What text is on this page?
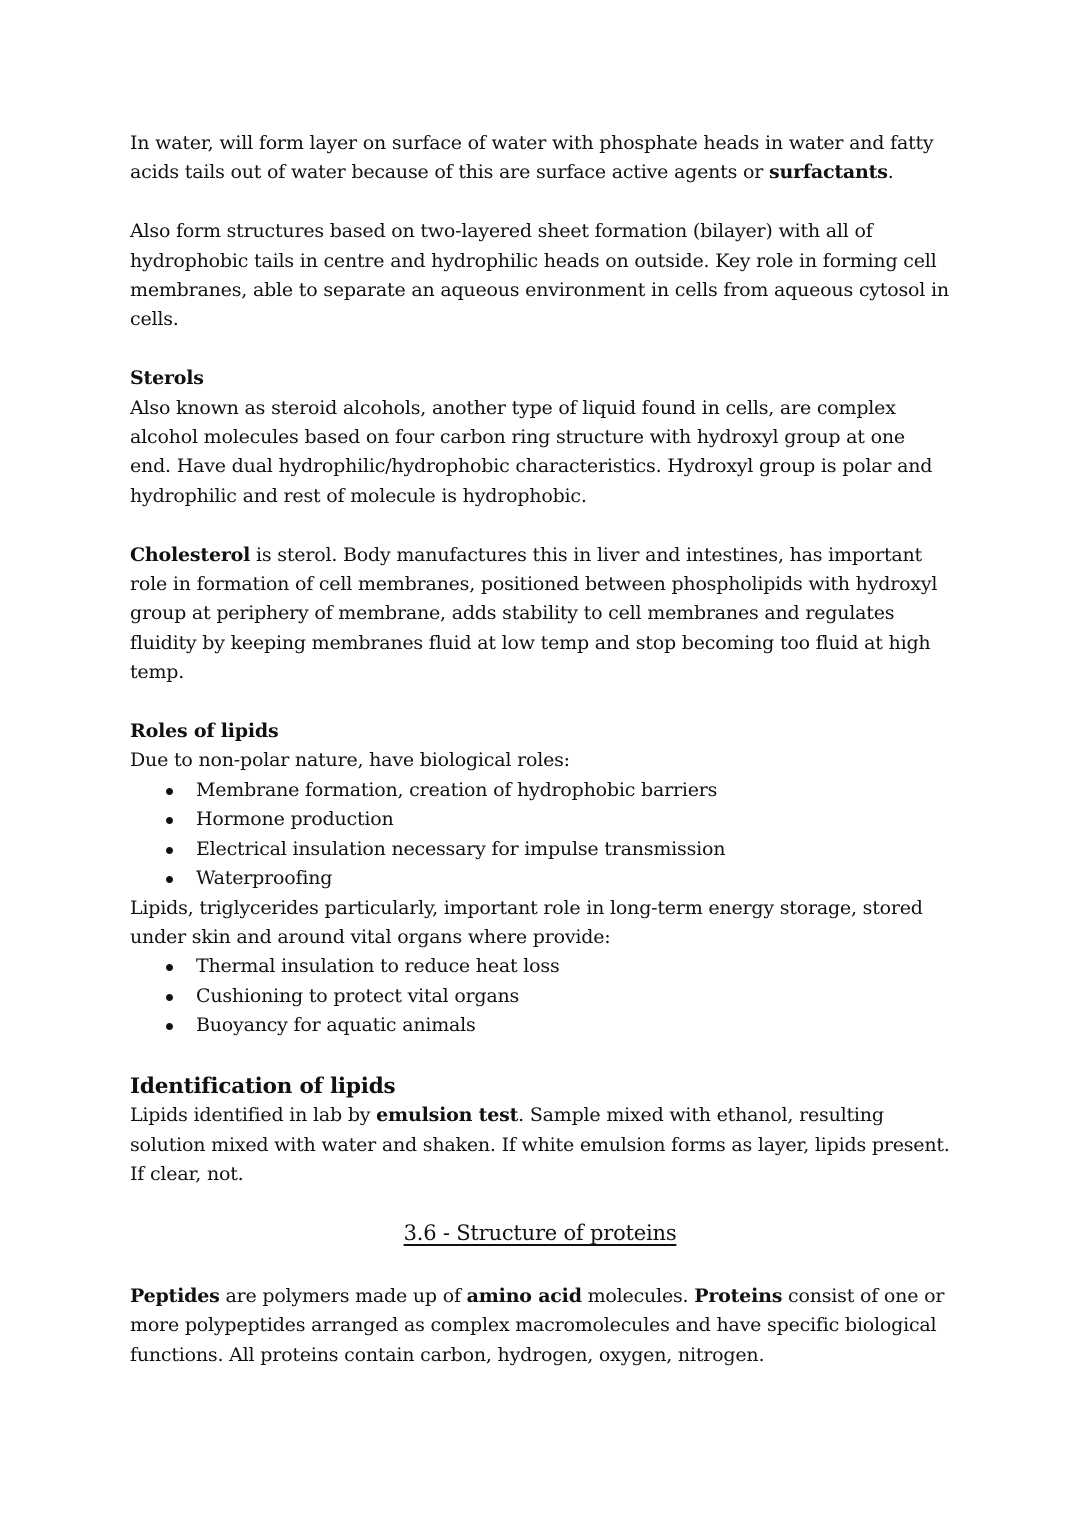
In water, will form layer on surface of water with phosphate heads in water and fatty acids tails out of water because of this are surface active agents or surfactants.

Also form structures based on two-layered sheet formation (bilayer) with all of hydrophobic tails in centre and hydrophilic heads on outside. Key role in forming cell membranes, able to separate an aqueous environment in cells from aqueous cytosol in cells.

Sterols

Also known as steroid alcohols, another type of liquid found in cells, are complex alcohol molecules based on four carbon ring structure with hydroxyl group at one end. Have dual hydrophilic/hydrophobic characteristics. Hydroxyl group is polar and hydrophilic and rest of molecule is hydrophobic.

Cholesterol is sterol. Body manufactures this in liver and intestines, has important role in formation of cell membranes, positioned between phospholipids with hydroxyl group at periphery of membrane, adds stability to cell membranes and regulates fluidity by keeping membranes fluid at low temp and stop becoming too fluid at high temp.

Roles of lipids

Due to non-polar nature, have biological roles:

Membrane formation, creation of hydrophobic barriers
Hormone production
Electrical insulation necessary for impulse transmission
Waterproofing

Lipids, triglycerides particularly, important role in long-term energy storage, stored under skin and around vital organs where provide:

Thermal insulation to reduce heat loss
Cushioning to protect vital organs
Buoyancy for aquatic animals

Identification of lipids

Lipids identified in lab by emulsion test. Sample mixed with ethanol, resulting solution mixed with water and shaken. If white emulsion forms as layer, lipids present. If clear, not.

3.6 - Structure of proteins

Peptides are polymers made up of amino acid molecules. Proteins consist of one or more polypeptides arranged as complex macromolecules and have specific biological functions. All proteins contain carbon, hydrogen, oxygen, nitrogen.
